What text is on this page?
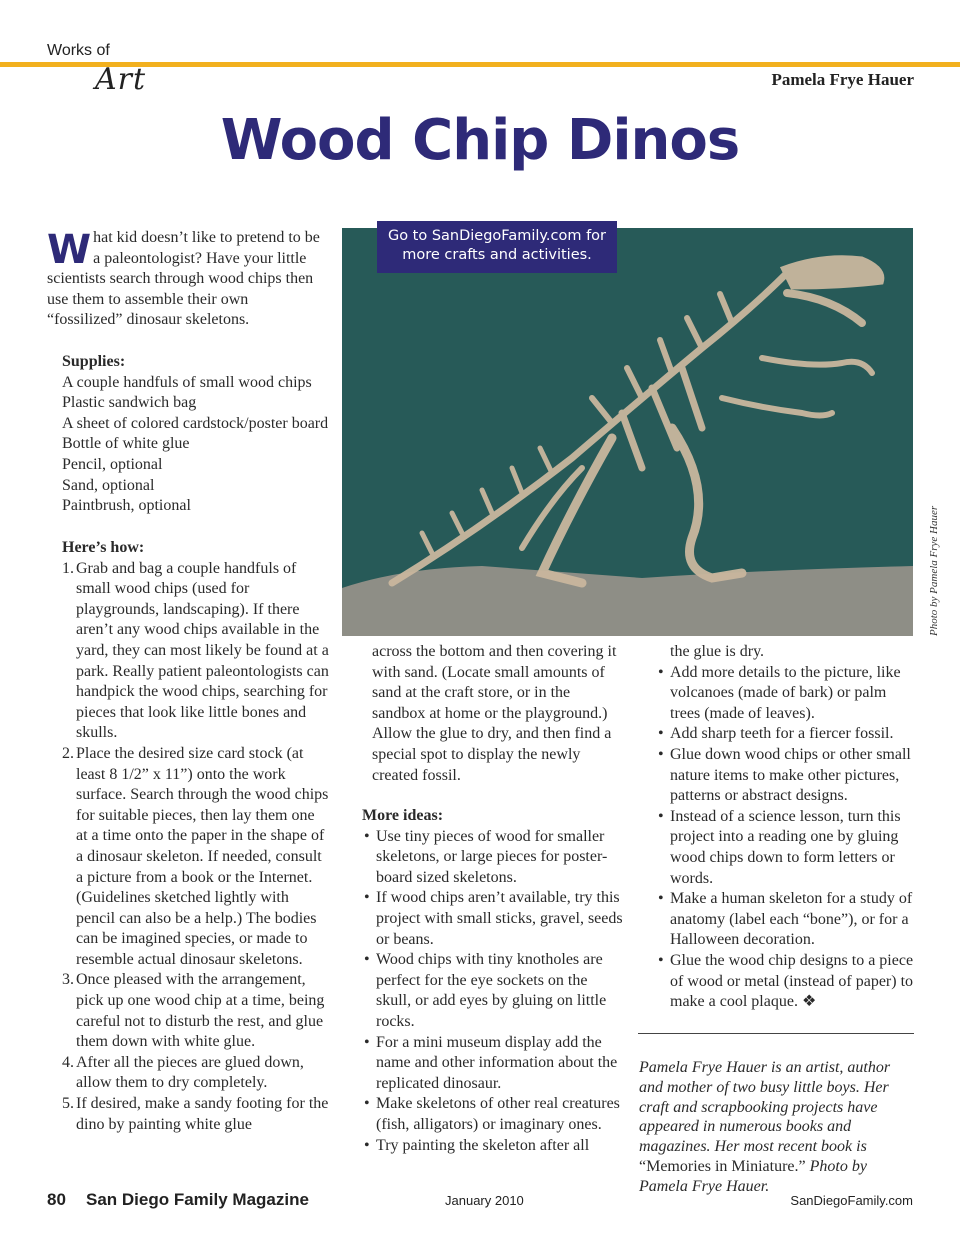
Works of
Art	Pamela Frye Hauer
Wood Chip Dinos
W hat kid doesn’t like to pretend to be a paleontologist? Have your little scientists search through wood chips then use them to assemble their own “fossilized” dinosaur skeletons.
Supplies:
A couple handfuls of small wood chips
Plastic sandwich bag
A sheet of colored cardstock/poster board
Bottle of white glue
Pencil, optional
Sand, optional
Paintbrush, optional
Here’s how:
1. Grab and bag a couple handfuls of small wood chips (used for playgrounds, landscaping). If there aren’t any wood chips available in the yard, they can most likely be found at a park. Really patient paleontologists can handpick the wood chips, searching for pieces that look like little bones and skulls.
2. Place the desired size card stock (at least 8 1/2” x 11”) onto the work surface. Search through the wood chips for suitable pieces, then lay them one at a time onto the paper in the shape of a dinosaur skeleton. If needed, consult a picture from a book or the Internet. (Guidelines sketched lightly with pencil can also be a help.) The bodies can be imagined species, or made to resemble actual dinosaur skeletons.
3. Once pleased with the arrangement, pick up one wood chip at a time, being careful not to disturb the rest, and glue them down with white glue.
4. After all the pieces are glued down, allow them to dry completely.
5. If desired, make a sandy footing for the dino by painting white glue
Go to SanDiegoFamily.com for
more crafts and activities.
Photo by Pamela Frye Hauer
across the bottom and then covering it with sand. (Locate small amounts of sand at the craft store, or in the sandbox at home or the playground.) Allow the glue to dry, and then find a special spot to display the newly created fossil.
More ideas:
• Use tiny pieces of wood for smaller skeletons, or large pieces for poster-board sized skeletons.
• If wood chips aren’t available, try this project with small sticks, gravel, seeds or beans.
• Wood chips with tiny knotholes are perfect for the eye sockets on the skull, or add eyes by gluing on little rocks.
• For a mini museum display add the name and other information about the replicated dinosaur.
• Make skeletons of other real creatures (fish, alligators) or imaginary ones.
• Try painting the skeleton after all
the glue is dry.
• Add more details to the picture, like volcanoes (made of bark) or palm trees (made of leaves).
• Add sharp teeth for a fiercer fossil.
• Glue down wood chips or other small nature items to make other pictures, patterns or abstract designs.
• Instead of a science lesson, turn this project into a reading one by gluing wood chips down to form letters or words.
• Make a human skeleton for a study of anatomy (label each “bone”), or for a Halloween decoration.
• Glue the wood chip designs to a piece of wood or metal (instead of paper) to make a cool plaque. ❖
Pamela Frye Hauer is an artist, author and mother of two busy little boys. Her craft and scrapbooking projects have appeared in numerous books and magazines. Her most recent book is “Memories in Miniature.” Photo by Pamela Frye Hauer.
80 San Diego Family Magazine	January 2010	SanDiegoFamily.com
